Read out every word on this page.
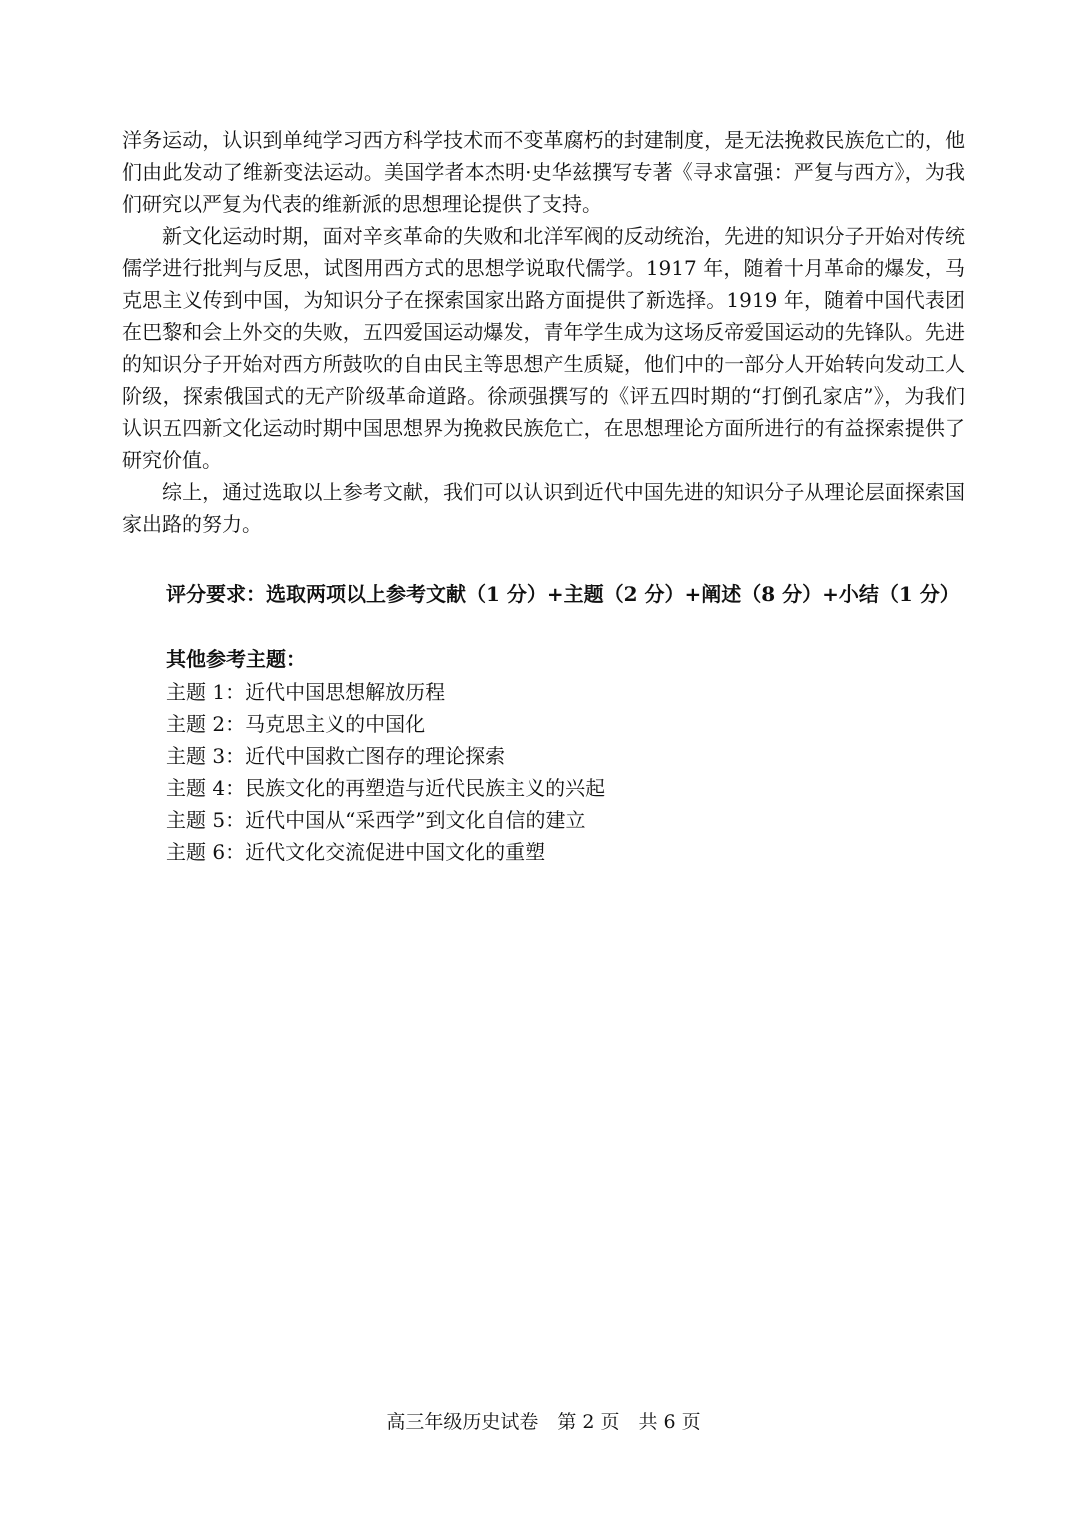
洋务运动，认识到单纯学习西方科学技术而不变革腐朽的封建制度，是无法挽救民族危亡的，他们由此发动了维新变法运动。美国学者本杰明·史华兹撰写专著《寻求富强：严复与西方》，为我们研究以严复为代表的维新派的思想理论提供了支持。

新文化运动时期，面对辛亥革命的失败和北洋军阀的反动统治，先进的知识分子开始对传统儒学进行批判与反思，试图用西方式的思想学说取代儒学。1917 年，随着十月革命的爆发，马克思主义传到中国，为知识分子在探索国家出路方面提供了新选择。1919 年，随着中国代表团在巴黎和会上外交的失败，五四爱国运动爆发，青年学生成为这场反帝爱国运动的先锋队。先进的知识分子开始对西方所鼓吹的自由民主等思想产生质疑，他们中的一部分人开始转向发动工人阶级，探索俄国式的无产阶级革命道路。徐顽强撰写的《评五四时期的“打倒孔家店”》，为我们认识五四新文化运动时期中国思想界为挽救民族危亡，在思想理论方面所进行的有益探索提供了研究价值。

综上，通过选取以上参考文献，我们可以认识到近代中国先进的知识分子从理论层面探索国家出路的努力。

评分要求：选取两项以上参考文献（1 分）+主题（2 分）+阐述（8 分）+小结（1 分）
其他参考主题：
主题 1：近代中国思想解放历程
主题 2：马克思主义的中国化
主题 3：近代中国救亡图存的理论探索
主题 4：民族文化的再塑造与近代民族主义的兴起
主题 5：近代中国从“采西学”到文化自信的建立
主题 6：近代文化交流促进中国文化的重塑
高三年级历史试卷　第 2 页　共 6 页
